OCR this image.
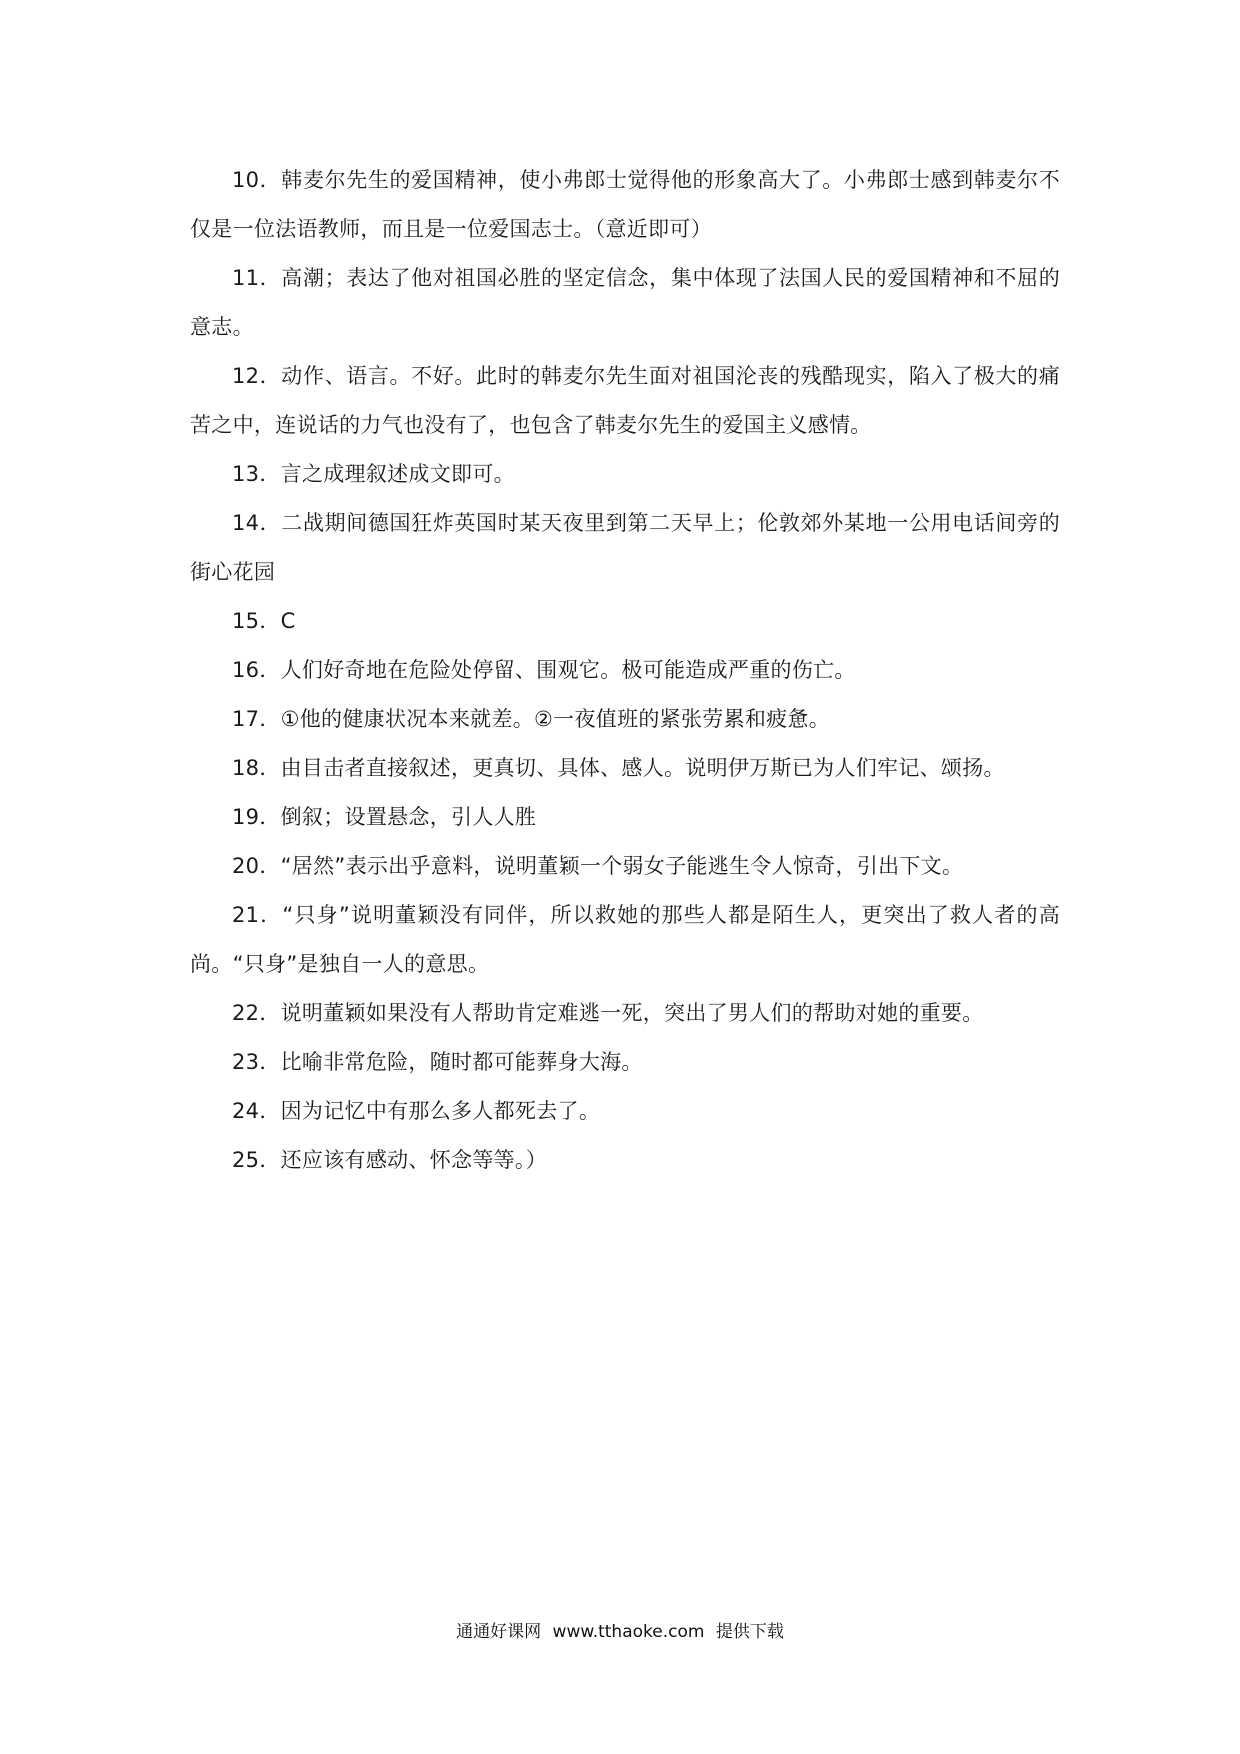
10．韩麦尔先生的爱国精神，使小弗郎士觉得他的形象高大了。小弗郎士感到韩麦尔不仅是一位法语教师，而且是一位爱国志士。（意近即可）

11．高潮；表达了他对祖国必胜的坚定信念，集中体现了法国人民的爱国精神和不屈的意志。

12．动作、语言。不好。此时的韩麦尔先生面对祖国沦丧的残酷现实，陷入了极大的痛苦之中，连说话的力气也没有了，也包含了韩麦尔先生的爱国主义感情。

13．言之成理叙述成文即可。

14．二战期间德国狂炸英国时某天夜里到第二天早上；伦敦郊外某地一公用电话间旁的街心花园

15．C

16．人们好奇地在危险处停留、围观它。极可能造成严重的伤亡。

17．①他的健康状况本来就差。②一夜值班的紧张劳累和疲惫。

18．由目击者直接叙述，更真切、具体、感人。说明伊万斯已为人们牢记、颂扬。

19．倒叙；设置悬念，引人人胜

20．“居然”表示出乎意料，说明董颖一个弱女子能逃生令人惊奇，引出下文。

21．“只身”说明董颖没有同伴，所以救她的那些人都是陌生人，更突出了救人者的高尚。“只身”是独自一人的意思。

22．说明董颖如果没有人帮助肯定难逃一死，突出了男人们的帮助对她的重要。

23．比喻非常危险，随时都可能葬身大海。

24．因为记忆中有那么多人都死去了。

25．还应该有感动、怀念等等。）

通通好课网 www.tthaoke.com 提供下载
